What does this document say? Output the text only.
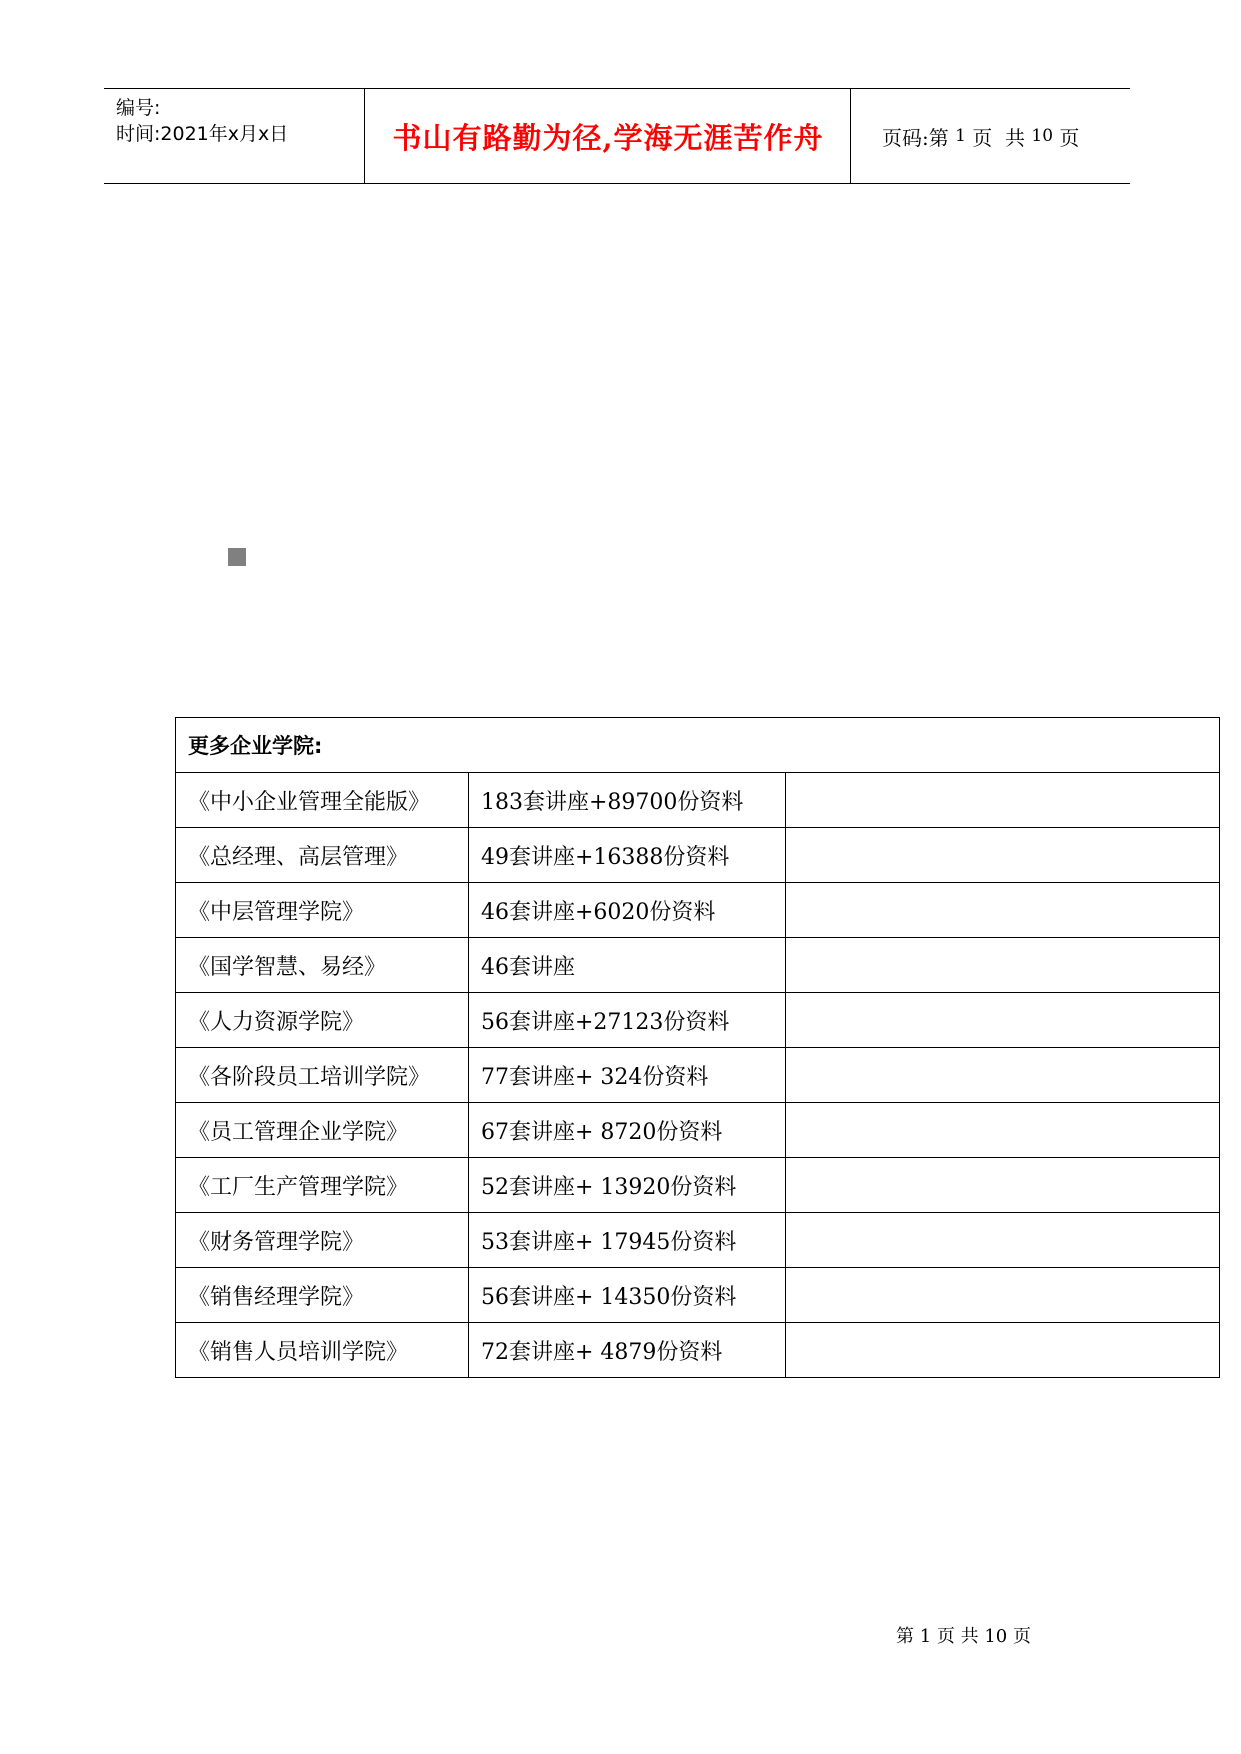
编号:
时间:2021年x月x日	书山有路勤为径,学海无涯苦作舟	页码:第 1 页  共 10 页
更多企业学院:		
《中小企业管理全能版》	183套讲座+89700份资料	
《总经理、高层管理》	49套讲座+16388份资料	
《中层管理学院》	46套讲座+6020份资料	
《国学智慧、易经》	46套讲座	
《人力资源学院》	56套讲座+27123份资料	
《各阶段员工培训学院》	77套讲座+ 324份资料	
《员工管理企业学院》	67套讲座+ 8720份资料	
《工厂生产管理学院》	52套讲座+ 13920份资料	
《财务管理学院》	53套讲座+ 17945份资料	
《销售经理学院》	56套讲座+ 14350份资料	
《销售人员培训学院》	72套讲座+ 4879份资料	
第 1 页 共 10 页
